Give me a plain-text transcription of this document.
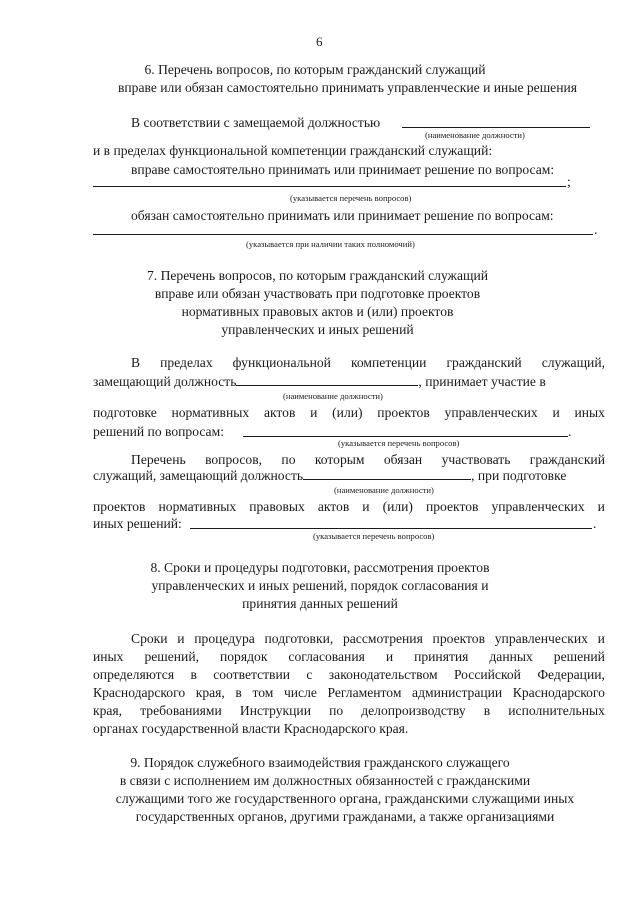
6
6. Перечень вопросов, по которым гражданский служащий
вправе или обязан самостоятельно принимать управленческие и иные решения
В соответствии с замещаемой должностью
(наименование должности)
и в пределах функциональной компетенции гражданский служащий:
вправе самостоятельно принимать или принимает решение по вопросам:
;
(указывается перечень вопросов)
обязан самостоятельно принимать или принимает решение по вопросам:
.
(указывается при наличии таких полномочий)
7. Перечень вопросов, по которым гражданский служащий
вправе или обязан участвовать при подготовке проектов
нормативных правовых актов и (или) проектов
управленческих и иных решений
В пределах функциональной компетенции гражданский служащий,
замещающий должность	, принимает участие в
(наименование должности)
подготовке нормативных актов и (или) проектов управленческих и иных
решений по вопросам:	.
(указывается перечень вопросов)
Перечень вопросов, по которым обязан участвовать гражданский
служащий, замещающий должность	, при подготовке
(наименование должности)
проектов нормативных правовых актов и (или) проектов управленческих и
иных решений:	.
(указывается перечень вопросов)
8. Сроки и процедуры подготовки, рассмотрения проектов
управленческих и иных решений, порядок согласования и
принятия данных решений
Сроки и процедура подготовки, рассмотрения проектов управленческих и
иных решений, порядок согласования и принятия данных решений
определяются в соответствии с законодательством Российской Федерации,
Краснодарского края, в том числе Регламентом администрации Краснодарского
края, требованиями Инструкции по делопроизводству в исполнительных
органах государственной власти Краснодарского края.
9. Порядок служебного взаимодействия гражданского служащего
в связи с исполнением им должностных обязанностей с гражданскими
служащими того же государственного органа, гражданскими служащими иных
государственных органов, другими гражданами, а также организациями
